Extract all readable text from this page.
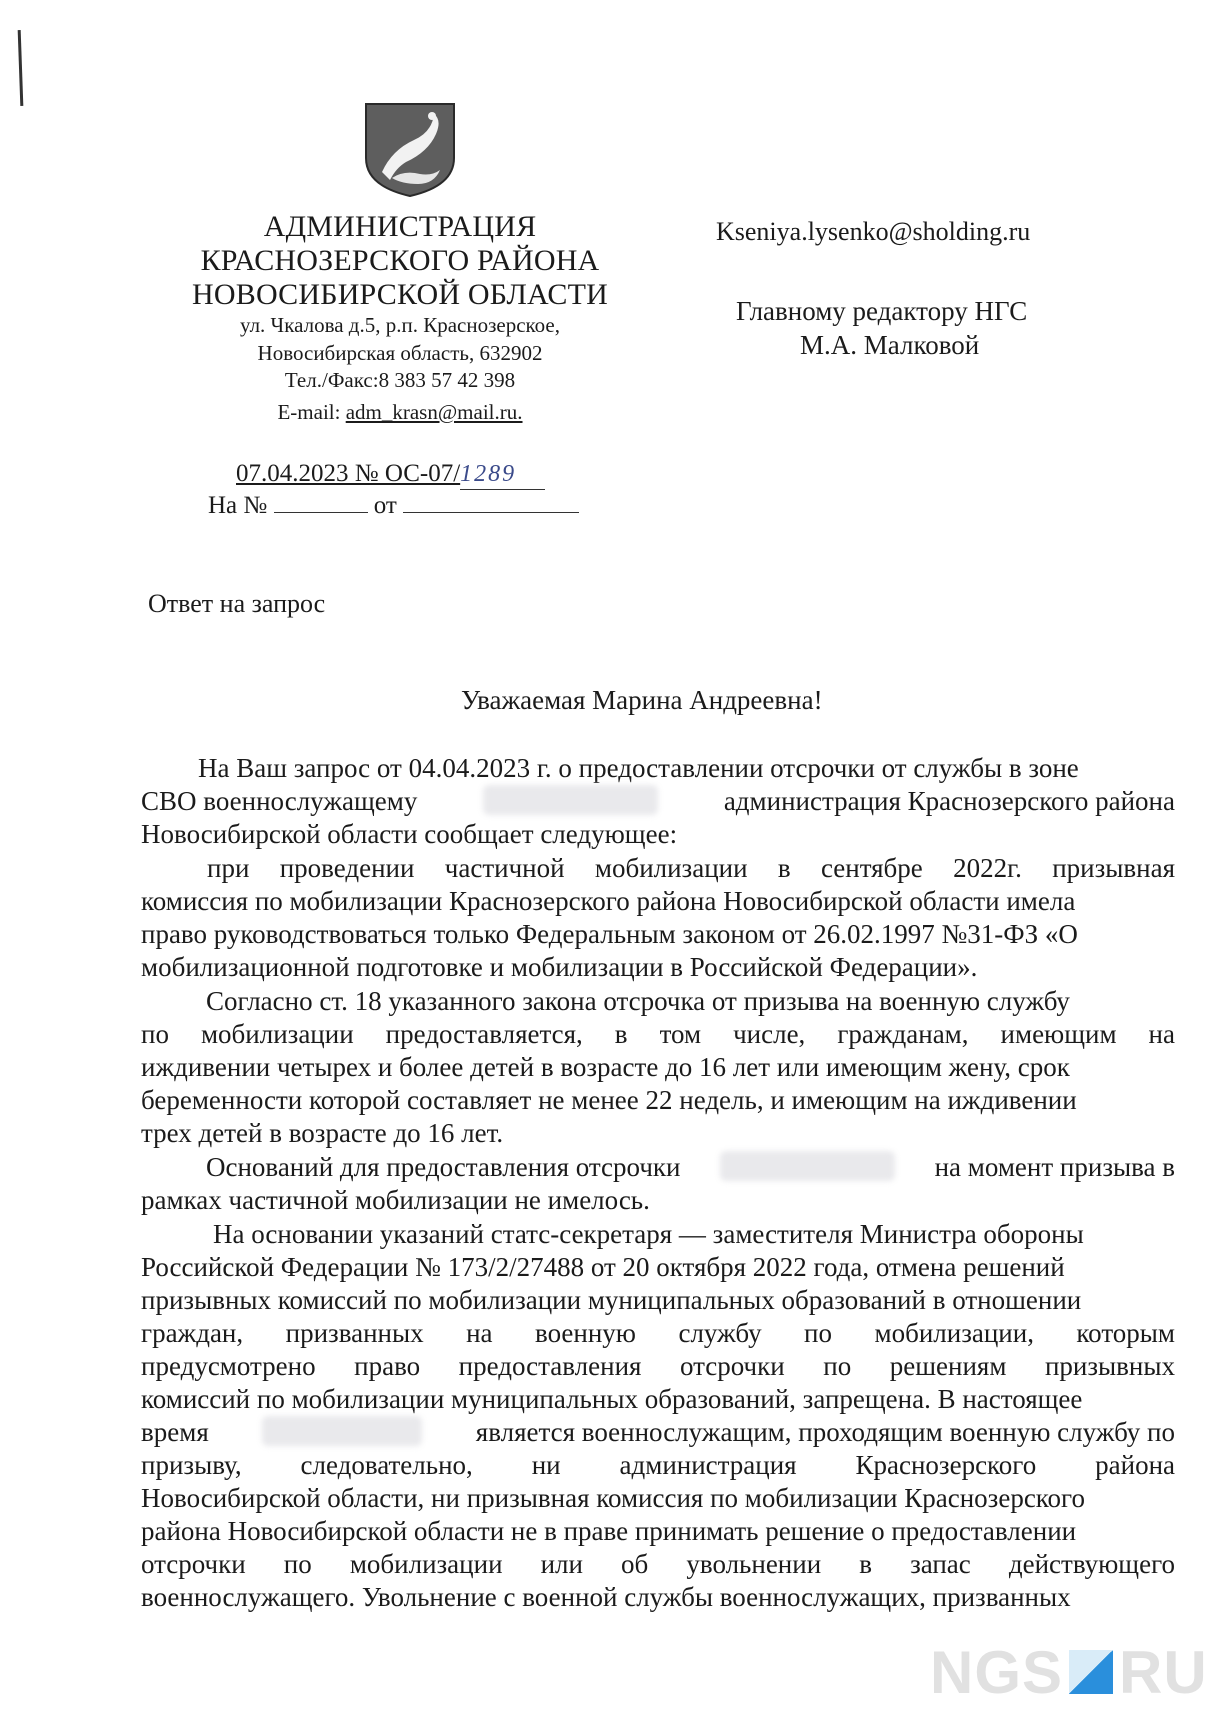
АДМИНИСТРАЦИЯ
КРАСНОЗЕРСКОГО РАЙОНА
НОВОСИБИРСКОЙ ОБЛАСТИ
ул. Чкалова д.5, р.п. Краснозерское,
Новосибирская область, 632902
Тел./Факс:8 383 57 42 398
E-mail: adm_krasn@mail.ru.
07.04.2023 № ОС-07/1289
На №	от
Kseniya.lysenko@sholding.ru
Главному редактору НГС
М.А. Малковой
Ответ на запрос
Уважаемая Марина Андреевна!
На Ваш запрос от 04.04.2023 г. о предоставлении отсрочки от службы в зоне
СВО военнослужащему	администрация Краснозерского района
Новосибирской области сообщает следующее:
при проведении частичной мобилизации в сентябре 2022г. призывная
комиссия по мобилизации Краснозерского района Новосибирской области имела
право руководствоваться только Федеральным законом от 26.02.1997 №31-ФЗ «О
мобилизационной подготовке и мобилизации в Российской Федерации».
Согласно ст. 18 указанного закона отсрочка от призыва на военную службу
по мобилизации предоставляется, в том числе, гражданам, имеющим на
иждивении четырех и более детей в возрасте до 16 лет или имеющим жену, срок
беременности которой составляет не менее 22 недель, и имеющим на иждивении
трех детей в возрасте до 16 лет.
Оснований для предоставления отсрочки	на момент призыва в
рамках частичной мобилизации не имелось.
На основании указаний статс-секретаря — заместителя Министра обороны
Российской Федерации № 173/2/27488 от 20 октября 2022 года, отмена решений
призывных комиссий по мобилизации муниципальных образований в отношении
граждан, призванных на военную службу по мобилизации, которым
предусмотрено право предоставления отсрочки по решениям призывных
комиссий по мобилизации муниципальных образований, запрещена. В настоящее
время	является военнослужащим, проходящим военную службу по
призыву, следовательно, ни администрация Краснозерского района
Новосибирской области, ни призывная комиссия по мобилизации Краснозерского
района Новосибирской области не в праве принимать решение о предоставлении
отсрочки по мобилизации или об увольнении в запас действующего
военнослужащего. Увольнение с военной службы военнослужащих, призванных
NGS RU
